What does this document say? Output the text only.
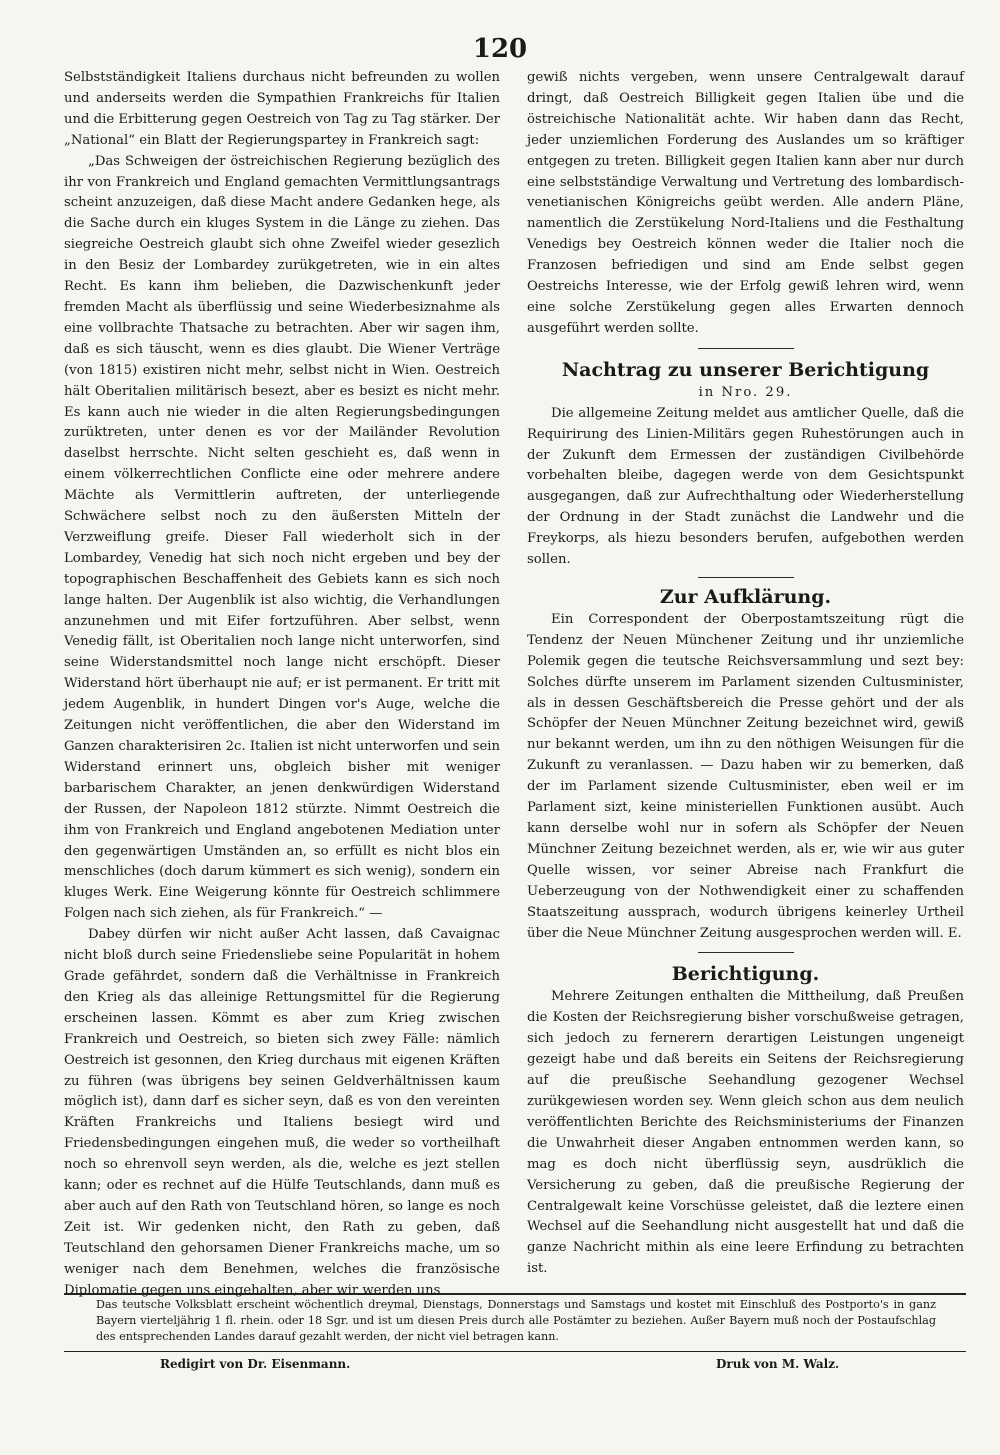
120

Selbstständigkeit Italiens durchaus nicht befreunden zu wollen und anderseits werden die Sympathien Frankreichs für Italien und die Erbitterung gegen Oestreich von Tag zu Tag stärker. Der „National“ ein Blatt der Regierungspartey in Frankreich sagt:

„Das Schweigen der östreichischen Regierung bezüglich des ihr von Frankreich und England gemachten Vermittlungsantrags scheint anzuzeigen, daß diese Macht andere Gedanken hege, als die Sache durch ein kluges System in die Länge zu ziehen. Das siegreiche Oestreich glaubt sich ohne Zweifel wieder gesezlich in den Besiz der Lombardey zurükgetreten, wie in ein altes Recht. Es kann ihm belieben, die Dazwischenkunft jeder fremden Macht als überflüssig und seine Wiederbesiznahme als eine vollbrachte Thatsache zu betrachten. Aber wir sagen ihm, daß es sich täuscht, wenn es dies glaubt. Die Wiener Verträge (von 1815) existiren nicht mehr, selbst nicht in Wien. Oestreich hält Oberitalien militärisch besezt, aber es besizt es nicht mehr. Es kann auch nie wieder in die alten Regierungsbedingungen zurüktreten, unter denen es vor der Mailänder Revolution daselbst herrschte. Nicht selten geschieht es, daß wenn in einem völkerrechtlichen Conflicte eine oder mehrere andere Mächte als Vermittlerin auftreten, der unterliegende Schwächere selbst noch zu den äußersten Mitteln der Verzweiflung greife. Dieser Fall wiederholt sich in der Lombardey, Venedig hat sich noch nicht ergeben und bey der topographischen Beschaffenheit des Gebiets kann es sich noch lange halten. Der Augenblik ist also wichtig, die Verhandlungen anzunehmen und mit Eifer fortzuführen. Aber selbst, wenn Venedig fällt, ist Oberitalien noch lange nicht unterworfen, sind seine Widerstandsmittel noch lange nicht erschöpft. Dieser Widerstand hört überhaupt nie auf; er ist permanent. Er tritt mit jedem Augenblik, in hundert Dingen vor's Auge, welche die Zeitungen nicht veröffentlichen, die aber den Widerstand im Ganzen charakterisiren 2c. Italien ist nicht unterworfen und sein Widerstand erinnert uns, obgleich bisher mit weniger barbarischem Charakter, an jenen denkwürdigen Widerstand der Russen, der Napoleon 1812 stürzte. Nimmt Oestreich die ihm von Frankreich und England angebotenen Mediation unter den gegenwärtigen Umständen an, so erfüllt es nicht blos ein menschliches (doch darum kümmert es sich wenig), sondern ein kluges Werk. Eine Weigerung könnte für Oestreich schlimmere Folgen nach sich ziehen, als für Frankreich.“ —

Dabey dürfen wir nicht außer Acht lassen, daß Cavaignac nicht bloß durch seine Friedensliebe seine Popularität in hohem Grade gefährdet, sondern daß die Verhältnisse in Frankreich den Krieg als das alleinige Rettungsmittel für die Regierung erscheinen lassen. Kömmt es aber zum Krieg zwischen Frankreich und Oestreich, so bieten sich zwey Fälle: nämlich Oestreich ist gesonnen, den Krieg durchaus mit eigenen Kräften zu führen (was übrigens bey seinen Geldverhältnissen kaum möglich ist), dann darf es sicher seyn, daß es von den vereinten Kräften Frankreichs und Italiens besiegt wird und Friedensbedingungen eingehen muß, die weder so vortheilhaft noch so ehrenvoll seyn werden, als die, welche es jezt stellen kann; oder es rechnet auf die Hülfe Teutschlands, dann muß es aber auch auf den Rath von Teutschland hören, so lange es noch Zeit ist. Wir gedenken nicht, den Rath zu geben, daß Teutschland den gehorsamen Diener Frankreichs mache, um so weniger nach dem Benehmen, welches die französische Diplomatie gegen uns eingehalten, aber wir werden uns

gewiß nichts vergeben, wenn unsere Centralgewalt darauf dringt, daß Oestreich Billigkeit gegen Italien übe und die östreichische Nationalität achte. Wir haben dann das Recht, jeder unziemlichen Forderung des Auslandes um so kräftiger entgegen zu treten. Billigkeit gegen Italien kann aber nur durch eine selbstständige Verwaltung und Vertretung des lombardisch-venetianischen Königreichs geübt werden. Alle andern Pläne, namentlich die Zerstükelung Nord-Italiens und die Festhaltung Venedigs bey Oestreich können weder die Italier noch die Franzosen befriedigen und sind am Ende selbst gegen Oestreichs Interesse, wie der Erfolg gewiß lehren wird, wenn eine solche Zerstükelung gegen alles Erwarten dennoch ausgeführt werden sollte.

Nachtrag zu unserer Berichtigung

in Nro. 29.

Die allgemeine Zeitung meldet aus amtlicher Quelle, daß die Requirirung des Linien-Militärs gegen Ruhestörungen auch in der Zukunft dem Ermessen der zuständigen Civilbehörde vorbehalten bleibe, dagegen werde von dem Gesichtspunkt ausgegangen, daß zur Aufrechthaltung oder Wiederherstellung der Ordnung in der Stadt zunächst die Landwehr und die Freykorps, als hiezu besonders berufen, aufgebothen werden sollen.

Zur Aufklärung.

Ein Correspondent der Oberpostamtszeitung rügt die Tendenz der Neuen Münchener Zeitung und ihr unziemliche Polemik gegen die teutsche Reichsversammlung und sezt bey: Solches dürfte unserem im Parlament sizenden Cultusminister, als in dessen Geschäftsbereich die Presse gehört und der als Schöpfer der Neuen Münchner Zeitung bezeichnet wird, gewiß nur bekannt werden, um ihn zu den nöthigen Weisungen für die Zukunft zu veranlassen. — Dazu haben wir zu bemerken, daß der im Parlament sizende Cultusminister, eben weil er im Parlament sizt, keine ministeriellen Funktionen ausübt. Auch kann derselbe wohl nur in sofern als Schöpfer der Neuen Münchner Zeitung bezeichnet werden, als er, wie wir aus guter Quelle wissen, vor seiner Abreise nach Frankfurt die Ueberzeugung von der Nothwendigkeit einer zu schaffenden Staatszeitung aussprach, wodurch übrigens keinerley Urtheil über die Neue Münchner Zeitung ausgesprochen werden will. E.

Berichtigung.

Mehrere Zeitungen enthalten die Mittheilung, daß Preußen die Kosten der Reichsregierung bisher vorschußweise getragen, sich jedoch zu fernerern derartigen Leistungen ungeneigt gezeigt habe und daß bereits ein Seitens der Reichsregierung auf die preußische Seehandlung gezogener Wechsel zurükgewiesen worden sey. Wenn gleich schon aus dem neulich veröffentlichten Berichte des Reichsministeriums der Finanzen die Unwahrheit dieser Angaben entnommen werden kann, so mag es doch nicht überflüssig seyn, ausdrüklich die Versicherung zu geben, daß die preußische Regierung der Centralgewalt keine Vorschüsse geleistet, daß die leztere einen Wechsel auf die Seehandlung nicht ausgestellt hat und daß die ganze Nachricht mithin als eine leere Erfindung zu betrachten ist.

Das teutsche Volksblatt erscheint wöchentlich dreymal, Dienstags, Donnerstags und Samstags und kostet mit Einschluß des Postporto's in ganz Bayern vierteljährig 1 fl. rhein. oder 18 Sgr. und ist um diesen Preis durch alle Postämter zu beziehen. Außer Bayern muß noch der Postaufschlag des entsprechenden Landes darauf gezahlt werden, der nicht viel betragen kann.
Redigirt von Dr. Eisenmann.	Druk von M. Walz.
